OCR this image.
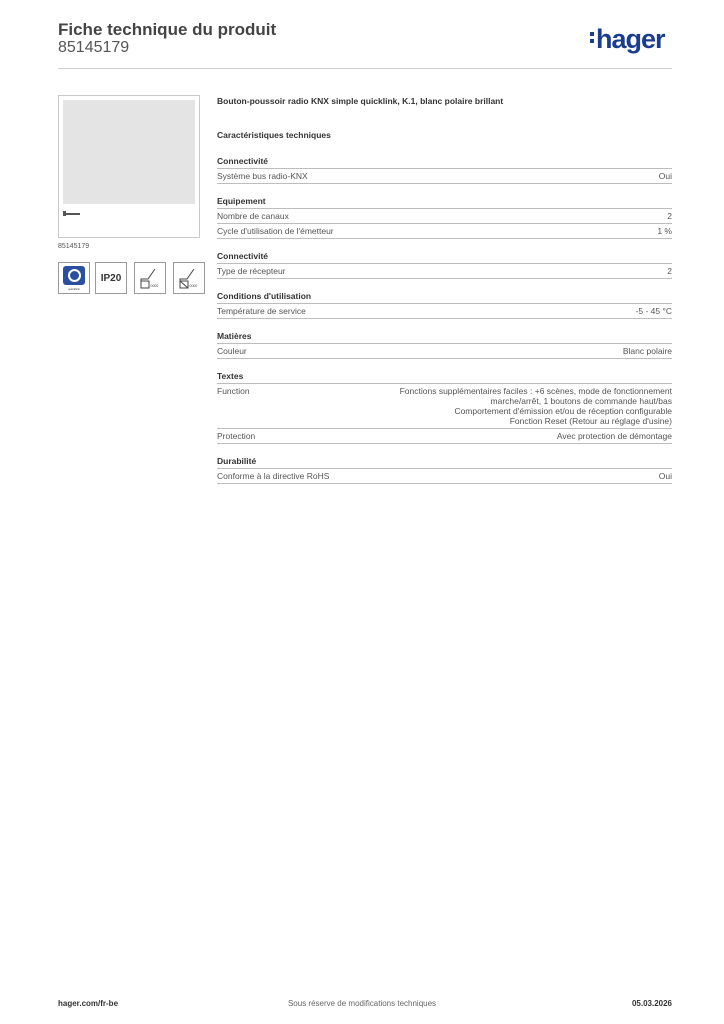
Fiche technique du produit
85145179	hager
85145179
quicklink
IP20
0000	0000
Bouton-poussoir radio KNX simple quicklink, K.1, blanc polaire brillant
Caractéristiques techniques
Connectivité
Système bus radio-KNX	Oui
Equipement
Nombre de canaux	2
Cycle d'utilisation de l'émetteur	1 %
Connectivité
Type de récepteur	2
Conditions d'utilisation
Température de service	-5 - 45 °C
Matières
Couleur	Blanc polaire
Textes
Function	Fonctions supplémentaires faciles : +6 scènes, mode de fonctionnement
marche/arrêt, 1 boutons de commande haut/bas
Comportement d'émission et/ou de réception configurable
Fonction Reset (Retour au réglage d'usine)
Protection	Avec protection de démontage
Durabilité
Conforme à la directive RoHS	Oui
hager.com/fr-be	Sous réserve de modifications techniques	05.03.2026
